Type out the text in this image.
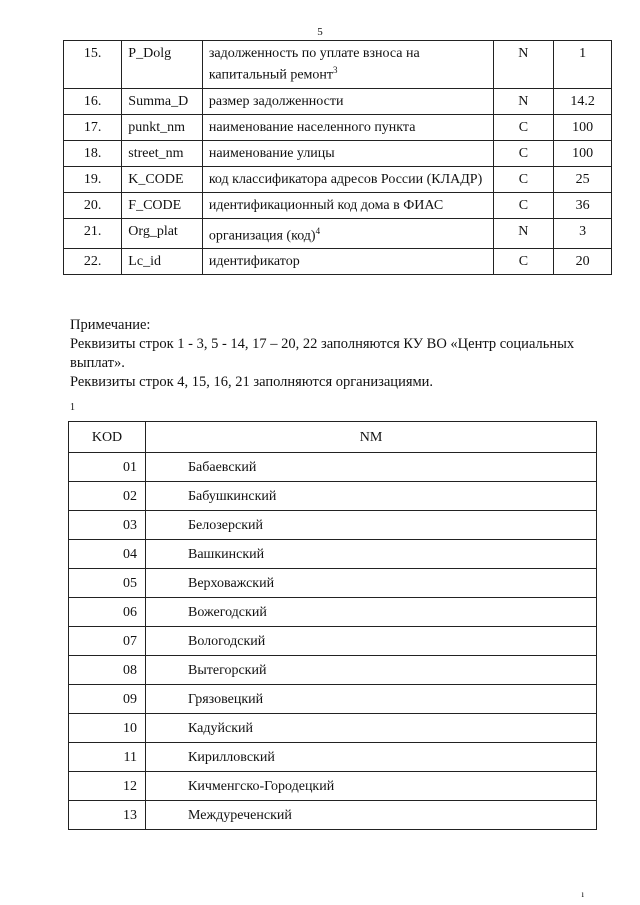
5
15.	P_Dolg	задолженность по уплате взноса на капитальный ремонт$^3$	N	1
16.	Summa_D	размер задолженности	N	14.2
17.	punkt_nm	наименование населенного пункта	C	100
18.	street_nm	наименование улицы	C	100
19.	K_CODE	код классификатора адресов России (КЛАДР)	C	25
20.	F_CODE	идентификационный код дома в ФИАС	C	36
21.	Org_plat	организация (код)$^4$	N	3
22.	Lc_id	идентификатор	C	20

Примечание:

Реквизиты строк 1 - 3, 5 - 14, 17 – 20, 22 заполняются КУ ВО «Центр социальных выплат».

Реквизиты строк 4, 15, 16, 21 заполняются организациями.

1
KOD	NM
01	Бабаевский
02	Бабушкинский
03	Белозерский
04	Вашкинский
05	Верховажский
06	Вожегодский
07	Вологодский
08	Вытегорский
09	Грязовецкий
10	Кадуйский
11	Кирилловский
12	Кичменгско-Городецкий
13	Междуреченский
ı
